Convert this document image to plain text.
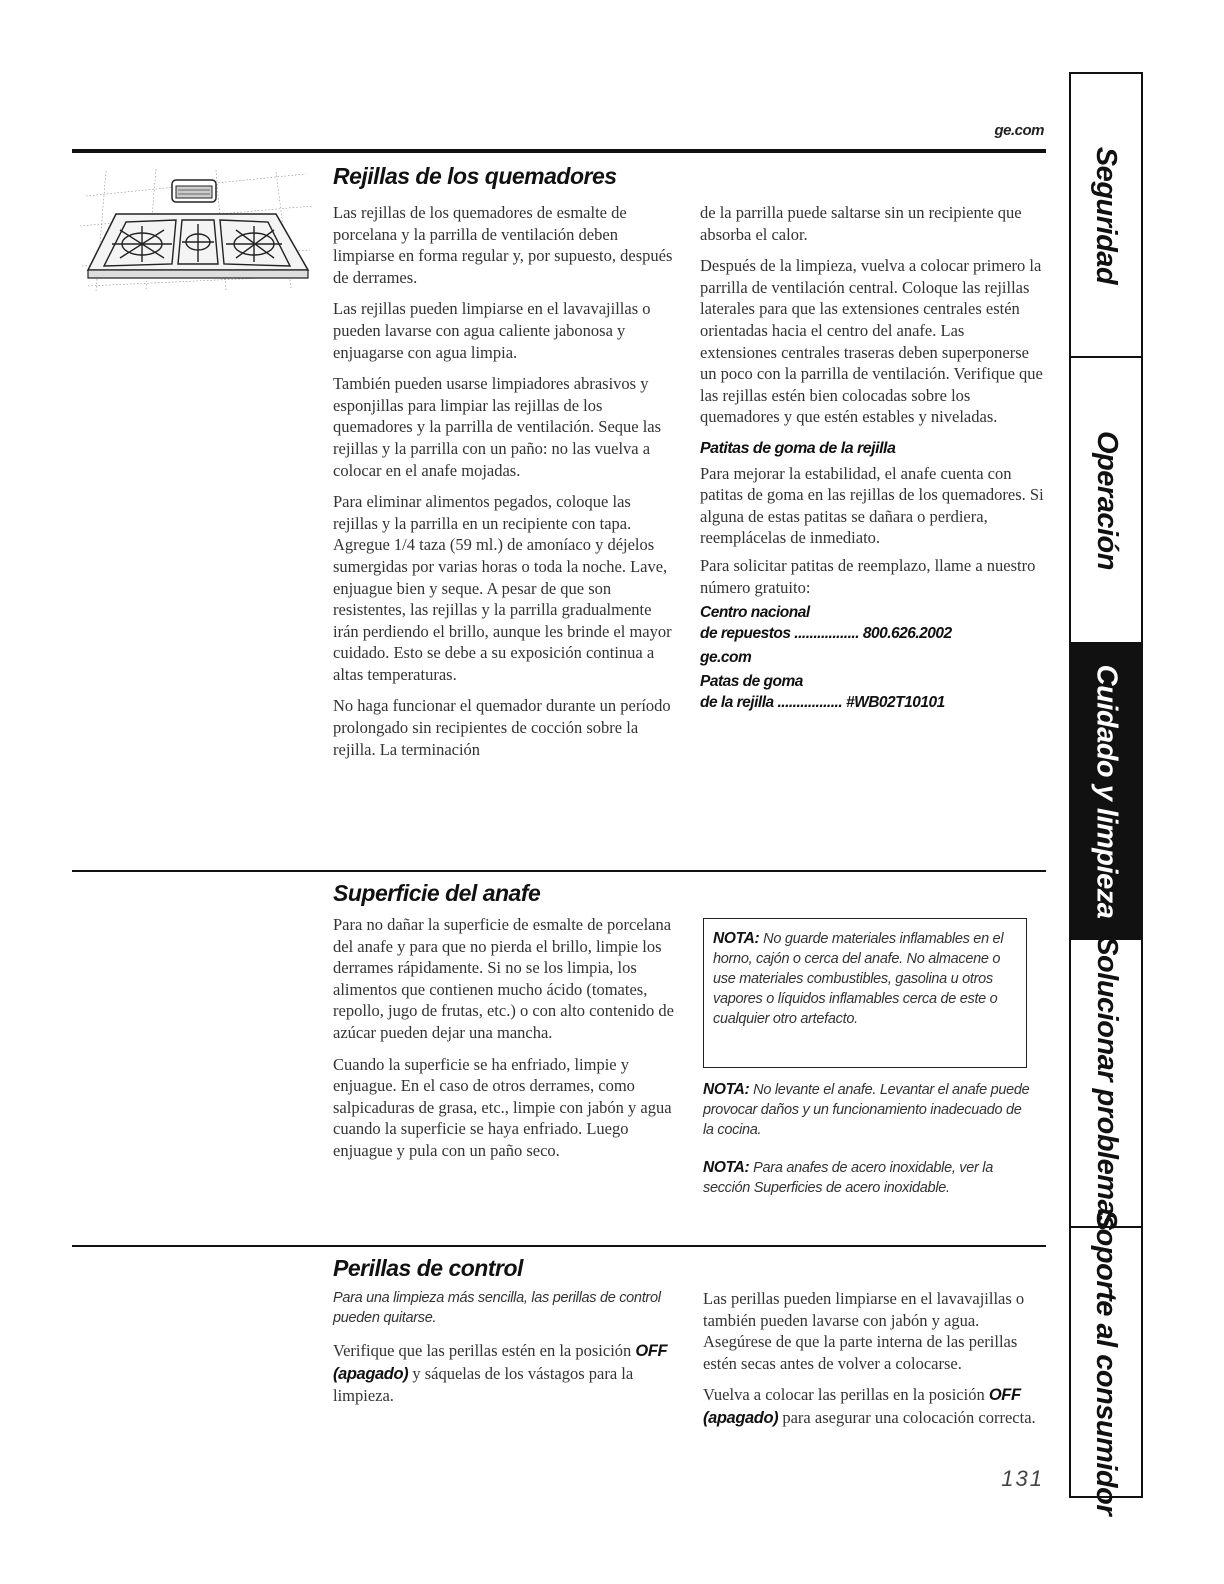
ge.com
Rejillas de los quemadores

Las rejillas de los quemadores de esmalte de porcelana y la parrilla de ventilación deben limpiarse en forma regular y, por supuesto, después de derrames.

Las rejillas pueden limpiarse en el lavavajillas o pueden lavarse con agua caliente jabonosa y enjuagarse con agua limpia.

También pueden usarse limpiadores abrasivos y esponjillas para limpiar las rejillas de los quemadores y la parrilla de ventilación. Seque las rejillas y la parrilla con un paño: no las vuelva a colocar en el anafe mojadas.

Para eliminar alimentos pegados, coloque las rejillas y la parrilla en un recipiente con tapa. Agregue 1/4 taza (59 ml.) de amoníaco y déjelos sumergidas por varias horas o toda la noche. Lave, enjuague bien y seque. A pesar de que son resistentes, las rejillas y la parrilla gradualmente irán perdiendo el brillo, aunque les brinde el mayor cuidado. Esto se debe a su exposición continua a altas temperaturas.

No haga funcionar el quemador durante un período prolongado sin recipientes de cocción sobre la rejilla. La terminación

de la parrilla puede saltarse sin un recipiente que absorba el calor.

Después de la limpieza, vuelva a colocar primero la parrilla de ventilación central. Coloque las rejillas laterales para que las extensiones centrales estén orientadas hacia el centro del anafe. Las extensiones centrales traseras deben superponerse un poco con la parrilla de ventilación. Verifique que las rejillas estén bien colocadas sobre los quemadores y que estén estables y niveladas.

Patitas de goma de la rejilla

Para mejorar la estabilidad, el anafe cuenta con patitas de goma en las rejillas de los quemadores. Si alguna de estas patitas se dañara o perdiera, reemplácelas de inmediato.

Para solicitar patitas de reemplazo, llame a nuestro número gratuito:

Centro nacional
de repuestos ................. 800.626.2002
ge.com
Patas de goma
de la rejilla ................. #WB02T10101
Superficie del anafe

Para no dañar la superficie de esmalte de porcelana del anafe y para que no pierda el brillo, limpie los derrames rápidamente. Si no se los limpia, los alimentos que contienen mucho ácido (tomates, repollo, jugo de frutas, etc.) o con alto contenido de azúcar pueden dejar una mancha.

Cuando la superficie se ha enfriado, limpie y enjuague. En el caso de otros derrames, como salpicaduras de grasa, etc., limpie con jabón y agua cuando la superficie se haya enfriado. Luego enjuague y pula con un paño seco.

NOTA: No guarde materiales inflamables en el horno, cajón o cerca del anafe. No almacene o use materiales combustibles, gasolina u otros vapores o líquidos inflamables cerca de este o cualquier otro artefacto.
NOTA: No levante el anafe. Levantar el anafe puede provocar daños y un funcionamiento inadecuado de la cocina.
NOTA: Para anafes de acero inoxidable, ver la sección Superficies de acero inoxidable.
Perillas de control
Para una limpieza más sencilla, las perillas de control pueden quitarse.

Verifique que las perillas estén en la posición OFF (apagado) y sáquelas de los vástagos para la limpieza.

Las perillas pueden limpiarse en el lavavajillas o también pueden lavarse con jabón y agua. Asegúrese de que la parte interna de las perillas estén secas antes de volver a colocarse.

Vuelva a colocar las perillas en la posición OFF (apagado) para asegurar una colocación correcta.

131
Seguridad
Operación
Cuidado y limpieza
Solucionar problemas
Soporte al consumidor
